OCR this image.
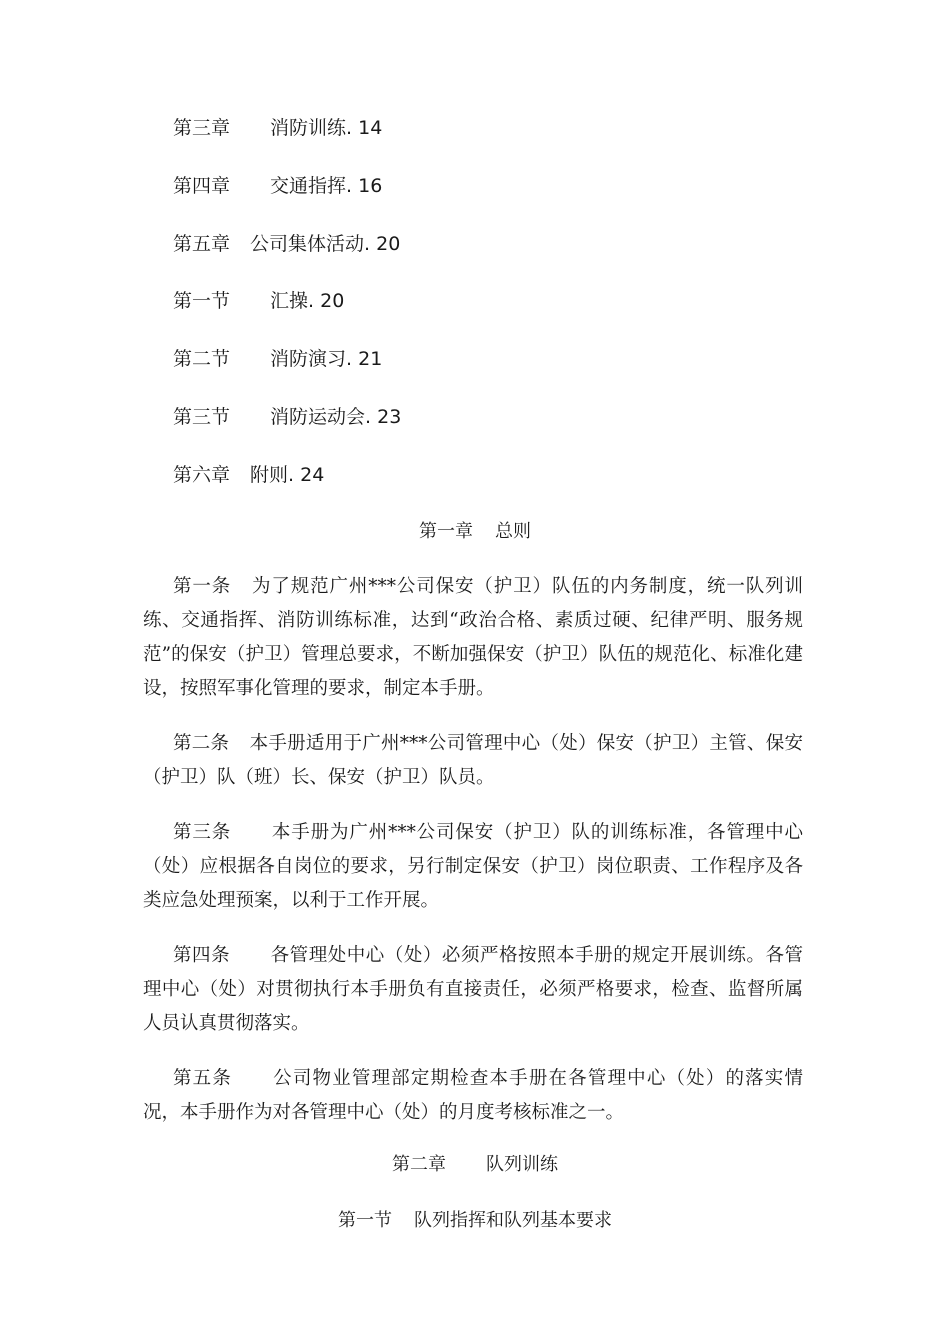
第三章 消防训练. 14
第四章 交通指挥. 16
第五章 公司集体活动. 20
第一节 汇操. 20
第二节 消防演习. 21
第三节 消防运动会. 23
第六章 附则. 24
第一章 总则
第一条 为了规范广州***公司保安（护卫）队伍的内务制度，统一队列训练、交通指挥、消防训练标准，达到“政治合格、素质过硬、纪律严明、服务规范”的保安（护卫）管理总要求，不断加强保安（护卫）队伍的规范化、标准化建设，按照军事化管理的要求，制定本手册。
第二条 本手册适用于广州***公司管理中心（处）保安（护卫）主管、保安（护卫）队（班）长、保安（护卫）队员。
第三条 本手册为广州***公司保安（护卫）队的训练标准，各管理中心（处）应根据各自岗位的要求，另行制定保安（护卫）岗位职责、工作程序及各类应急处理预案，以利于工作开展。
第四条 各管理处中心（处）必须严格按照本手册的规定开展训练。各管理中心（处）对贯彻执行本手册负有直接责任，必须严格要求，检查、监督所属人员认真贯彻落实。
第五条 公司物业管理部定期检查本手册在各管理中心（处）的落实情况，本手册作为对各管理中心（处）的月度考核标准之一。
第二章 队列训练
第一节 队列指挥和队列基本要求
